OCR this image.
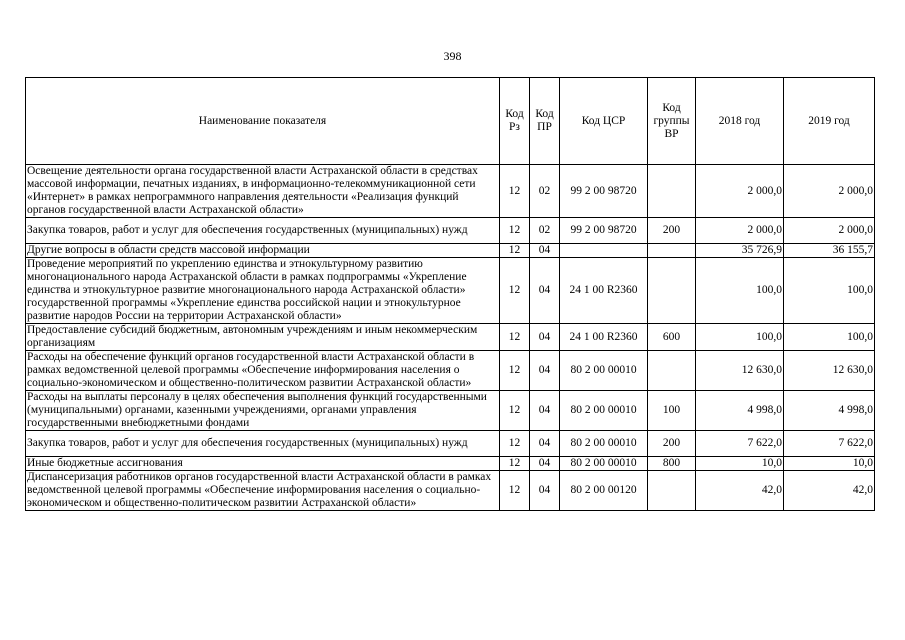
398
Наименование показателя	Код Рз	Код ПР	Код ЦСР	Код группы ВР	2018 год	2019 год
Освещение деятельности органа государственной власти Астраханской области в средствах массовой информации, печатных изданиях, в информационно-телекоммуникационной сети «Интернет» в рамках непрограммного направления деятельности «Реализация функций органов государственной власти Астраханской области»	12	02	99 2 00 98720		2 000,0	2 000,0
Закупка товаров, работ и услуг для обеспечения государственных (муниципальных) нужд	12	02	99 2 00 98720	200	2 000,0	2 000,0
Другие вопросы в области средств массовой информации	12	04			35 726,9	36 155,7
Проведение мероприятий по укреплению единства и этнокультурному развитию многонационального народа Астраханской области в рамках подпрограммы «Укрепление единства и этнокультурное развитие многонационального народа Астраханской области» государственной программы «Укрепление единства российской нации и этнокультурное развитие народов России на территории Астраханской области»	12	04	24 1 00 R2360		100,0	100,0
Предоставление субсидий бюджетным, автономным учреждениям и иным некоммерческим организациям	12	04	24 1 00 R2360	600	100,0	100,0
Расходы на обеспечение функций органов государственной власти Астраханской области в рамках ведомственной целевой программы «Обеспечение информирования населения о социально-экономическом и общественно-политическом развитии Астраханской области»	12	04	80 2 00 00010		12 630,0	12 630,0
Расходы на выплаты персоналу в целях обеспечения выполнения функций государственными (муниципальными) органами, казенными учреждениями, органами управления государственными внебюджетными фондами	12	04	80 2 00 00010	100	4 998,0	4 998,0
Закупка товаров, работ и услуг для обеспечения государственных (муниципальных) нужд	12	04	80 2 00 00010	200	7 622,0	7 622,0
Иные бюджетные ассигнования	12	04	80 2 00 00010	800	10,0	10,0
Диспансеризация работников органов государственной власти Астраханской области в рамках ведомственной целевой программы «Обеспечение информирования населения о социально-экономическом и общественно-политическом развитии Астраханской области»	12	04	80 2 00 00120		42,0	42,0
